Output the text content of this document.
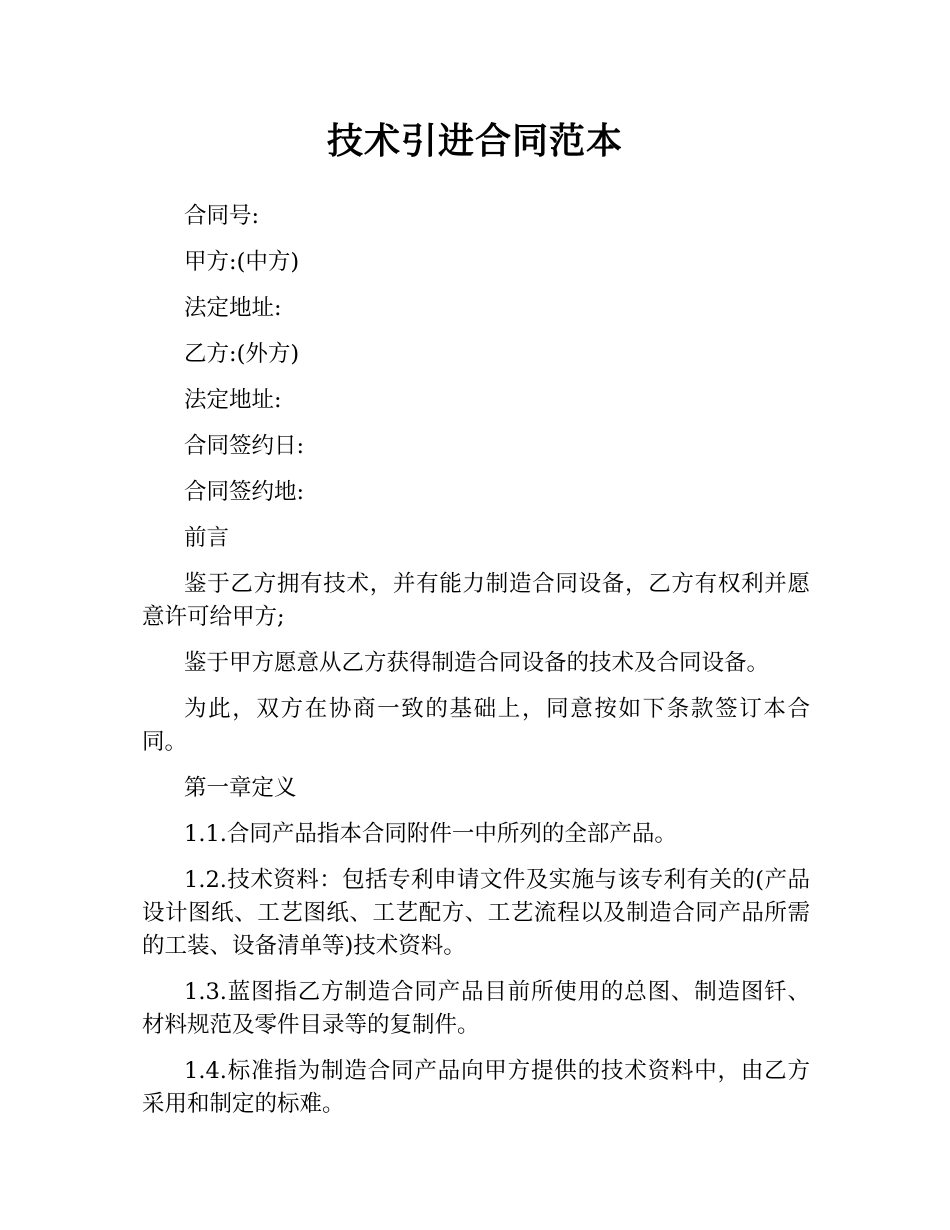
技术引进合同范本

合同号:

甲方:(中方)

法定地址:

乙方:(外方)

法定地址:

合同签约日:

合同签约地:

前言

鉴于乙方拥有技术，并有能力制造合同设备，乙方有权利并愿意许可给甲方;

鉴于甲方愿意从乙方获得制造合同设备的技术及合同设备。

为此，双方在协商一致的基础上，同意按如下条款签订本合同。

第一章定义

1.1.合同产品指本合同附件一中所列的全部产品。

1.2.技术资料：包括专利申请文件及实施与该专利有关的(产品设计图纸、工艺图纸、工艺配方、工艺流程以及制造合同产品所需的工装、设备清单等)技术资料。

1.3.蓝图指乙方制造合同产品目前所使用的总图、制造图钎、材料规范及零件目录等的复制件。

1.4.标准指为制造合同产品向甲方提供的技术资料中，由乙方采用和制定的标难。
